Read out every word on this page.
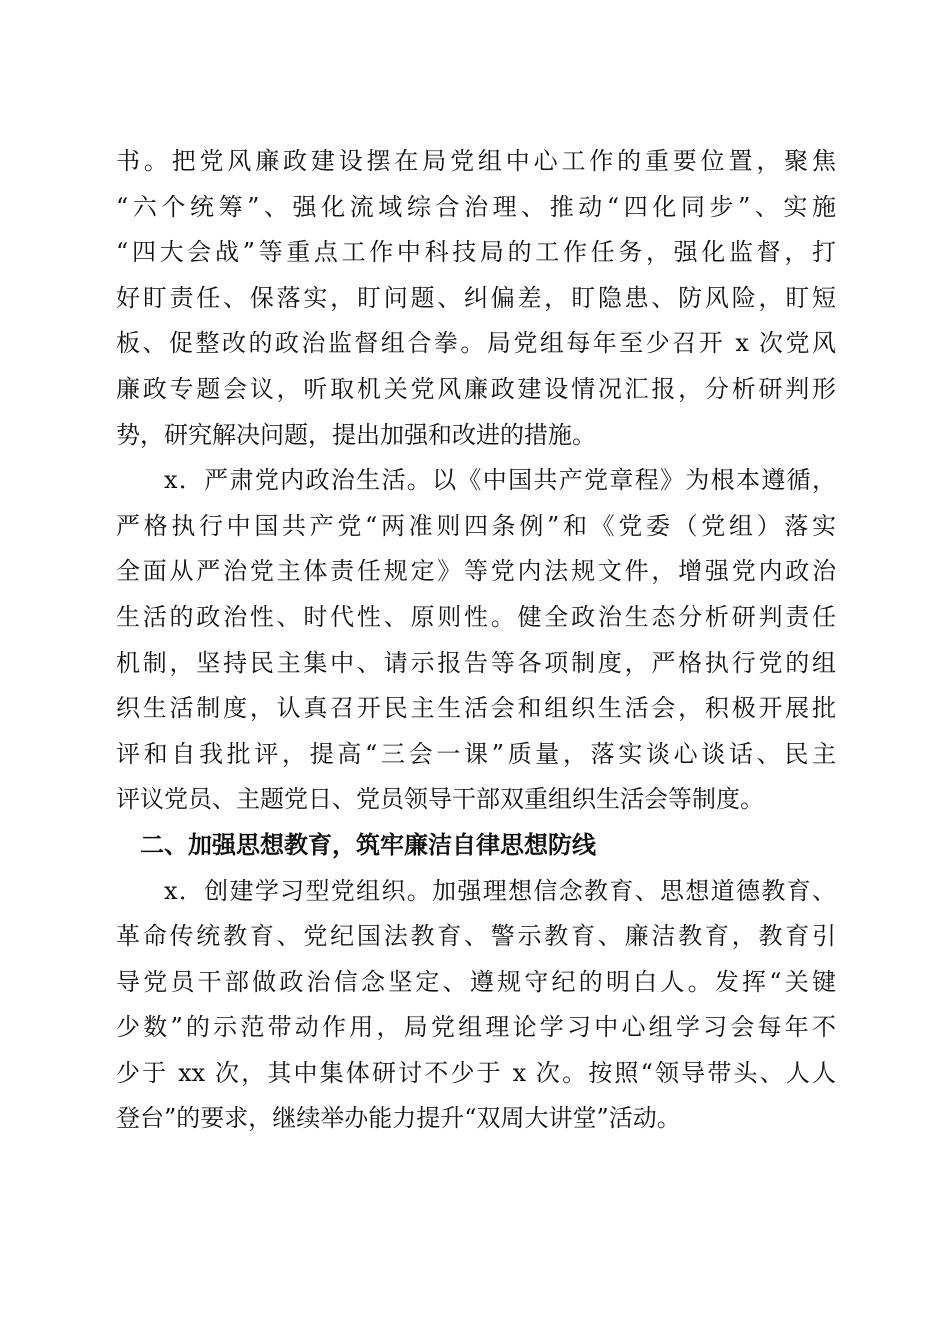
书。把党风廉政建设摆在局党组中心工作的重要位置，聚焦
“六个统筹”、强化流域综合治理、推动“四化同步”、实施
“四大会战”等重点工作中科技局的工作任务，强化监督，打
好盯责任、保落实，盯问题、纠偏差，盯隐患、防风险，盯短
板、促整改的政治监督组合拳。局党组每年至少召开 x 次党风
廉政专题会议，听取机关党风廉政建设情况汇报，分析研判形
势，研究解决问题，提出加强和改进的措施。
x．严肃党内政治生活。以《中国共产党章程》为根本遵循，
严格执行中国共产党“两准则四条例”和《党委（党组）落实
全面从严治党主体责任规定》等党内法规文件，增强党内政治
生活的政治性、时代性、原则性。健全政治生态分析研判责任
机制，坚持民主集中、请示报告等各项制度，严格执行党的组
织生活制度，认真召开民主生活会和组织生活会，积极开展批
评和自我批评，提高“三会一课”质量，落实谈心谈话、民主
评议党员、主题党日、党员领导干部双重组织生活会等制度。
二、加强思想教育，筑牢廉洁自律思想防线
x．创建学习型党组织。加强理想信念教育、思想道德教育、
革命传统教育、党纪国法教育、警示教育、廉洁教育，教育引
导党员干部做政治信念坚定、遵规守纪的明白人。发挥“关键
少数”的示范带动作用，局党组理论学习中心组学习会每年不
少于 xx 次，其中集体研讨不少于 x 次。按照“领导带头、人人
登台”的要求，继续举办能力提升“双周大讲堂”活动。
